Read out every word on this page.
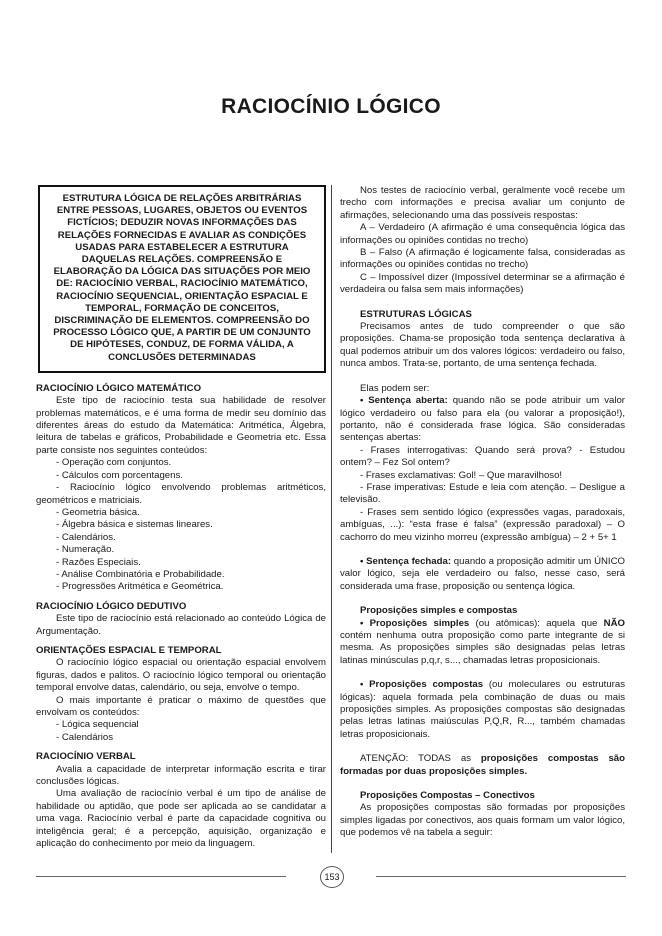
RACIOCÍNIO LÓGICO
ESTRUTURA LÓGICA DE RELAÇÕES ARBITRÁRIAS ENTRE PESSOAS, LUGARES, OBJETOS OU EVENTOS FICTÍCIOS; DEDUZIR NOVAS INFORMAÇÕES DAS RELAÇÕES FORNECIDAS E AVALIAR AS CONDIÇÕES USADAS PARA ESTABELECER A ESTRUTURA DAQUELAS RELAÇÕES. COMPREENSÃO E ELABORAÇÃO DA LÓGICA DAS SITUAÇÕES POR MEIO DE: RACIOCÍNIO VERBAL, RACIOCÍNIO MATEMÁTICO, RACIOCÍNIO SEQUENCIAL, ORIENTAÇÃO ESPACIAL E TEMPORAL, FORMAÇÃO DE CONCEITOS, DISCRIMINAÇÃO DE ELEMENTOS. COMPREENSÃO DO PROCESSO LÓGICO QUE, A PARTIR DE UM CONJUNTO DE HIPÓTESES, CONDUZ, DE FORMA VÁLIDA, A CONCLUSÕES DETERMINADAS
RACIOCÍNIO LÓGICO MATEMÁTICO

Este tipo de raciocínio testa sua habilidade de resolver problemas matemáticos, e é uma forma de medir seu domínio das diferentes áreas do estudo da Matemática: Aritmética, Álgebra, leitura de tabelas e gráficos, Probabilidade e Geometria etc. Essa parte consiste nos seguintes conteúdos:

- Operação com conjuntos.

- Cálculos com porcentagens.

- Raciocínio lógico envolvendo problemas aritméticos, geométricos e matriciais.

- Geometria básica.

- Álgebra básica e sistemas lineares.

- Calendários.

- Numeração.

- Razões Especiais.

- Análise Combinatória e Probabilidade.

- Progressões Aritmética e Geométrica.

RACIOCÍNIO LÓGICO DEDUTIVO

Este tipo de raciocínio está relacionado ao conteúdo Lógica de Argumentação.

ORIENTAÇÕES ESPACIAL E TEMPORAL

O raciocínio lógico espacial ou orientação espacial envolvem figuras, dados e palitos. O raciocínio lógico temporal ou orientação temporal envolve datas, calendário, ou seja, envolve o tempo.

O mais importante é praticar o máximo de questões que envolvam os conteúdos:

- Lógica sequencial

- Calendários

RACIOCÍNIO VERBAL

Avalia a capacidade de interpretar informação escrita e tirar conclusões lógicas.

Uma avaliação de raciocínio verbal é um tipo de análise de habilidade ou aptidão, que pode ser aplicada ao se candidatar a uma vaga. Raciocínio verbal é parte da capacidade cognitiva ou inteligência geral; é a percepção, aquisição, organização e aplicação do conhecimento por meio da linguagem.

Nos testes de raciocínio verbal, geralmente você recebe um trecho com informações e precisa avaliar um conjunto de afirmações, selecionando uma das possíveis respostas:

A – Verdadeiro (A afirmação é uma consequência lógica das informações ou opiniões contidas no trecho)

B – Falso (A afirmação é logicamente falsa, consideradas as informações ou opiniões contidas no trecho)

C – Impossível dizer (Impossível determinar se a afirmação é verdadeira ou falsa sem mais informações)

ESTRUTURAS LÓGICAS

Precisamos antes de tudo compreender o que são proposições. Chama-se proposição toda sentença declarativa à qual podemos atribuir um dos valores lógicos: verdadeiro ou falso, nunca ambos. Trata-se, portanto, de uma sentença fechada.

Elas podem ser:

• Sentença aberta: quando não se pode atribuir um valor lógico verdadeiro ou falso para ela (ou valorar a proposição!), portanto, não é considerada frase lógica. São consideradas sentenças abertas:

- Frases interrogativas: Quando será prova? - Estudou ontem? – Fez Sol ontem?

- Frases exclamativas: Gol! – Que maravilhoso!

- Frase imperativas: Estude e leia com atenção. – Desligue a televisão.

- Frases sem sentido lógico (expressões vagas, paradoxais, ambíguas, ...): “esta frase é falsa” (expressão paradoxal) – O cachorro do meu vizinho morreu (expressão ambígua) – 2 + 5+ 1

• Sentença fechada: quando a proposição admitir um ÚNICO valor lógico, seja ele verdadeiro ou falso, nesse caso, será considerada uma frase, proposição ou sentença lógica.

Proposições simples e compostas

• Proposições simples (ou atômicas): aquela que NÃO contém nenhuma outra proposição como parte integrante de si mesma. As proposições simples são designadas pelas letras latinas minúsculas p,q,r, s..., chamadas letras proposicionais.

• Proposições compostas (ou moleculares ou estruturas lógicas): aquela formada pela combinação de duas ou mais proposições simples. As proposições compostas são designadas pelas letras latinas maiúsculas P,Q,R, R..., também chamadas letras proposicionais.

ATENÇÃO: TODAS as proposições compostas são formadas por duas proposições simples.

Proposições Compostas – Conectivos

As proposições compostas são formadas por proposições simples ligadas por conectivos, aos quais formam um valor lógico, que podemos vê na tabela a seguir:

153
